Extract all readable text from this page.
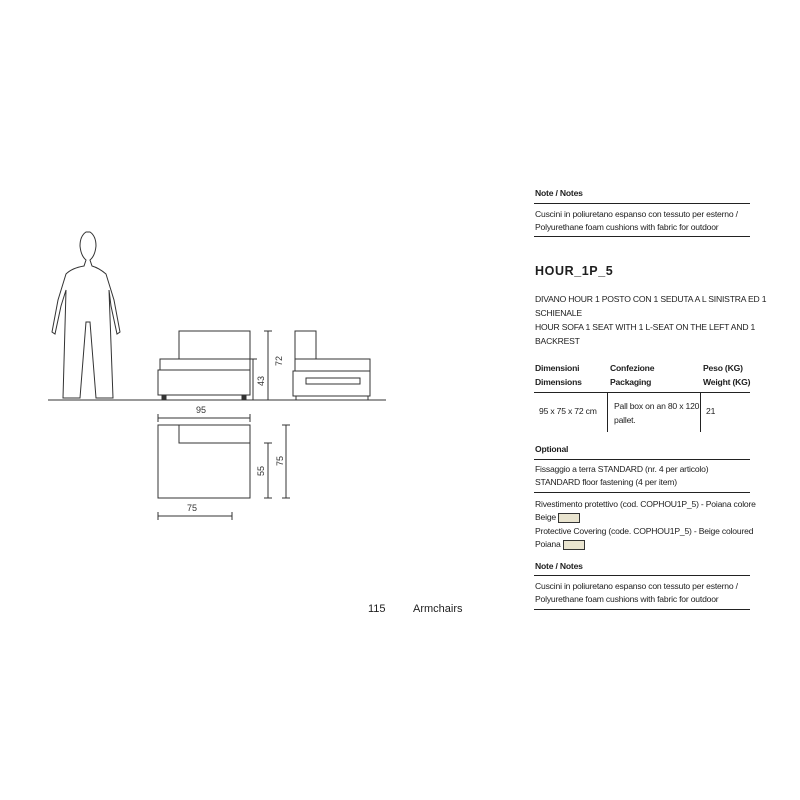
72
43
95
75
55
75
115 Armchairs
Note / Notes
Cuscini in poliuretano espanso con tessuto per esterno /
Polyurethane foam cushions with fabric for outdoor
HOUR_1P_5
DIVANO HOUR 1 POSTO CON 1 SEDUTA A L SINISTRA ED 1
SCHIENALE
HOUR SOFA 1 SEAT WITH 1 L-SEAT ON THE LEFT AND 1
BACKREST
Dimensioni
Dimensions
Confezione
Packaging
Peso (KG)
Weight (KG)
95 x 75 x 72 cm Pall box on an 80 x 120
pallet.
21
Optional
Fissaggio a terra STANDARD (nr. 4 per articolo)
STANDARD floor fastening (4 per item)
Rivestimento protettivo (cod. COPHOU1P_5) - Poiana colore
Beige
Protective Covering (code. COPHOU1P_5) - Beige coloured
Poiana
Note / Notes
Cuscini in poliuretano espanso con tessuto per esterno /
Polyurethane foam cushions with fabric for outdoor
